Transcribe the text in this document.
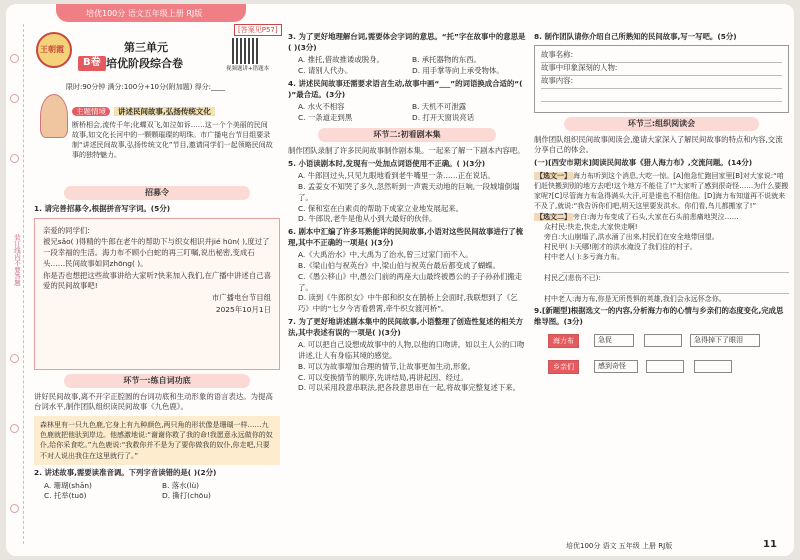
培优100分 语文五年级上册 RJ版
[答案见P57]
装订线内不要答题
王朝霞	第三单元
B卷 培优阶段综合卷	视频题讲+错题本
限时:90分钟 满分:100分+10分(附加题) 得分:____
主题情境 讲述民间故事,弘扬传统文化
断桥相会,流传千年;化蝶双飞,如泣如诉……这一个个美丽的民间故事,如文化长河中的一颗颗璀璨的明珠。市广播电台节目组要录制“讲述民间故事,弘扬传统文化”节目,邀请同学们一起领略民间故事的独特魅力。
招募令
1. 请完善招募令,根据拼音写字词。(5分)

亲爱的同学们:

被兄sǎo( )得精的牛郎在老牛的帮助下与织女相识并jié hūn( ),度过了一段幸福的生活。海力布不顾小白蛇的再三叮嘱,说出秘密,变成石头……民间故事如同zhōng( )。

你是否也想把这些故事讲给大家听?快来加入我们,在广播中讲述自己喜爱的民间故事吧!

市广播电台节目组

2025年10月1日

环节一:练自词功底
讲好民间故事,离不开字正腔圆的台词功底和生动形象的语言表达。为提高台词水平,制作团队组织读民间故事《九色鹿》。
森林里有一只九色鹿,它身上有九种颜色,两只角的形状像是珊瑚一样……九色鹿就把他驮到岸边。他感激地说:“谢谢你救了我的命!我愿意永远做你的奴仆,给你采食吃。”九色鹿说:“我救你并不是为了要你做我的奴仆,你走吧,只要不对人说出我住在这里就行了。”
2. 讲述故事,需要读准音调。下列字音读错的是( )(2分)
A. 珊瑚(shān)	B. 落水(lù)
C. 托举(tuō)	D. 撕打(chōu)
3. 为了更好地理解台词,需要体会字词的意思。“托”字在故事中的意思是( )(3分)
A. 推托,借故推诿或脱身。	B. 承托器物的东西。
C. 请别人代办。	D. 用手掌等向上承受物体。
4. 讲述民间故事还需要求语言生动,故事中画“___”的词语换成合适的“( )”最合适。(3分)
A. 水火不相容	B. 天机不可泄露
C. 一条道走到黑	D. 打开天窗说亮话
环节二:初看剧本集
制作团队录制了许多民间故事制作剧本集。一起来了解一下剧本内容吧。
5. 小语读剧本时,发现有一处加点词语使用不正确。( )(3分)
A. 牛郎回过头,只见九眼地看到老牛嘴里一条……正在说话。
B. 孟姜女不知哭了多久,忽然听到一声震天动地的巨响,一段城墙倒塌了。
C. 保和室在白素贞的帮助下成家立业地发展起来。
D. 牛郎说,老牛是他从小到大最好的伙伴。
6. 剧本中汇编了许多耳熟能详的民间故事,小语对这些民间故事进行了梳理,其中不正确的一项是( )(3分)
A.《大禹治水》中,大禹为了治水,曾三过家门而不入。
B.《梁山伯与祝英台》中,梁山伯与祝英台最后都变成了蝴蝶。
C.《愚公移山》中,愚公门前的两座大山最终被愚公的子子孙孙们搬走了。
D. 读到《牛郎织女》中牛郎和织女在鹊桥上会面时,我联想到了《乞巧》中的“七夕今宵看碧霄,牵牛织女渡河桥”。
7. 为了更好地讲述剧本集中的民间故事,小语整理了创造性复述的相关方法,其中表述有误的一项是( )(3分)
A. 可以把自己设想成故事中的人物,以他的口吻讲。如以主人公的口吻讲述,让人有身临其境的感觉。
B. 可以为故事增加合理的情节,让故事更加生动,形象。
C. 可以变换情节的顺序,先讲结局,再讲起因、经过。
D. 可以采用段意串联法,把各段意思串在一起,将故事完整复述下来。
8. 制作团队请你介绍自己所熟知的民间故事,写一写吧。(5分)
故事名称:
故事中印象深刻的人物:
故事内容:
环节三:组织阅读会
制作团队组织民间故事阅读会,邀请大家深入了解民间故事的特点和内容,交流分享自己的体会。
(一)[西安市期末]阅读民间故事《猎人海力布》,交流问题。(14分)
【选文一】 海力布听到这个消息,大吃一惊。[A]他急忙跑回家里[B]对大家说:“咱们赶快搬到别的地方去吧!这个地方不能住了!”大家听了感到很奇怪……为什么要搬家呢?[C]尽管海力布急得满头大汗,可是谁也不相信他。[D]海力布知道再不说就来不及了,就说:“我告诉你们吧,明天这里要发洪水。你们看,鸟儿都搬家了!”
【选文二】 旁白:海力布变成了石头,大家在石头前悲痛地哭泣……
众村民:快走,快走,大家快走啊!
旁白:大山崩塌了,洪水涌了出来,村民们在安全地带回望。
村民甲( ):天哪!刚才的洪水淹没了我们住的村子。
村中老人( ):多亏海力布。
村民乙(悲伤不已):
村中老人:海力布,你是无所畏惧的英雄,我们会永远怀念你。
9.[新题型]根据选文一的内容,分析海力布的心情与乡亲们的态度变化,完成思维导图。(3分)
海力布	急促	急得掉下了眼泪
乡亲们	感到奇怪
培优100分 语文 五年级 上册 RJ版	11
